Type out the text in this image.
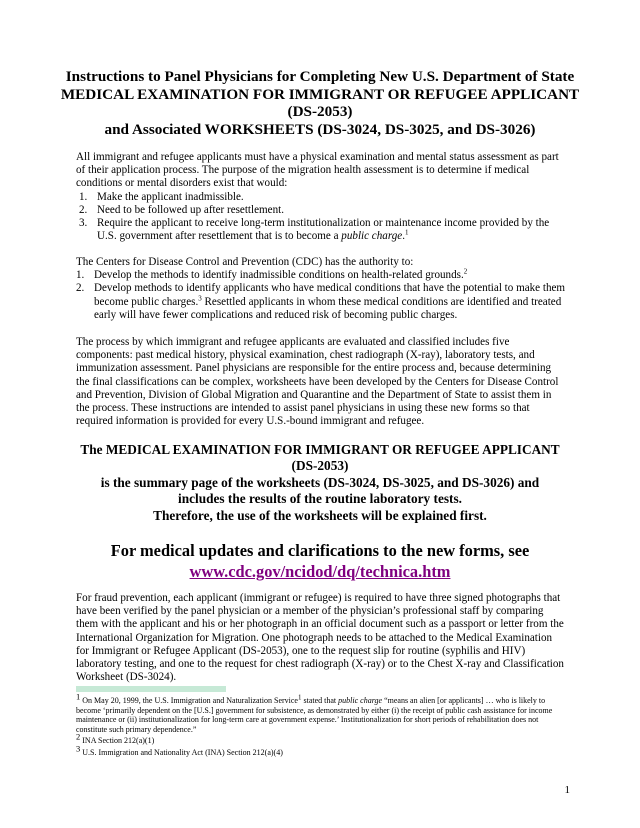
Instructions to Panel Physicians for Completing New U.S. Department of State
MEDICAL EXAMINATION FOR IMMIGRANT OR REFUGEE APPLICANT
(DS-2053)
and Associated WORKSHEETS (DS-3024, DS-3025, and DS-3026)
All immigrant and refugee applicants must have a physical examination and mental status assessment as part of their application process. The purpose of the migration health assessment is to determine if medical conditions or mental disorders exist that would:
1. Make the applicant inadmissible.
2. Need to be followed up after resettlement.
3. Require the applicant to receive long-term institutionalization or maintenance income provided by the U.S. government after resettlement that is to become a public charge.$^1$
The Centers for Disease Control and Prevention (CDC) has the authority to:
1. Develop the methods to identify inadmissible conditions on health-related grounds.$^2$
2. Develop methods to identify applicants who have medical conditions that have the potential to make them become public charges.$^3$ Resettled applicants in whom these medical conditions are identified and treated early will have fewer complications and reduced risk of becoming public charges.
The process by which immigrant and refugee applicants are evaluated and classified includes five components: past medical history, physical examination, chest radiograph (X-ray), laboratory tests, and immunization assessment. Panel physicians are responsible for the entire process and, because determining the final classifications can be complex, worksheets have been developed by the Centers for Disease Control and Prevention, Division of Global Migration and Quarantine and the Department of State to assist them in the process. These instructions are intended to assist panel physicians in using these new forms so that required information is provided for every U.S.-bound immigrant and refugee.
The MEDICAL EXAMINATION FOR IMMIGRANT OR REFUGEE APPLICANT
(DS-2053)
is the summary page of the worksheets (DS-3024, DS-3025, and DS-3026) and
includes the results of the routine laboratory tests.
Therefore, the use of the worksheets will be explained first.
For medical updates and clarifications to the new forms, see
www.cdc.gov/ncidod/dq/technica.htm
For fraud prevention, each applicant (immigrant or refugee) is required to have three signed photographs that have been verified by the panel physician or a member of the physician’s professional staff by comparing them with the applicant and his or her photograph in an official document such as a passport or letter from the International Organization for Migration. One photograph needs to be attached to the Medical Examination for Immigrant or Refugee Applicant (DS-2053), one to the request slip for routine (syphilis and HIV) laboratory testing, and one to the request for chest radiograph (X-ray) or to the Chest X-ray and Classification Worksheet (DS-3024).
1 On May 20, 1999, the U.S. Immigration and Naturalization Service$^1$ stated that public charge “means an alien [or applicants] … who is likely to become ‘primarily dependent on the [U.S.] government for subsistence, as demonstrated by either (i) the receipt of public cash assistance for income maintenance or (ii) institutionalization for long-term care at government expense.’ Institutionalization for short periods of rehabilitation does not constitute such primary dependence.”
2 INA Section 212(a)(1)
3 U.S. Immigration and Nationality Act (INA) Section 212(a)(4)
1
